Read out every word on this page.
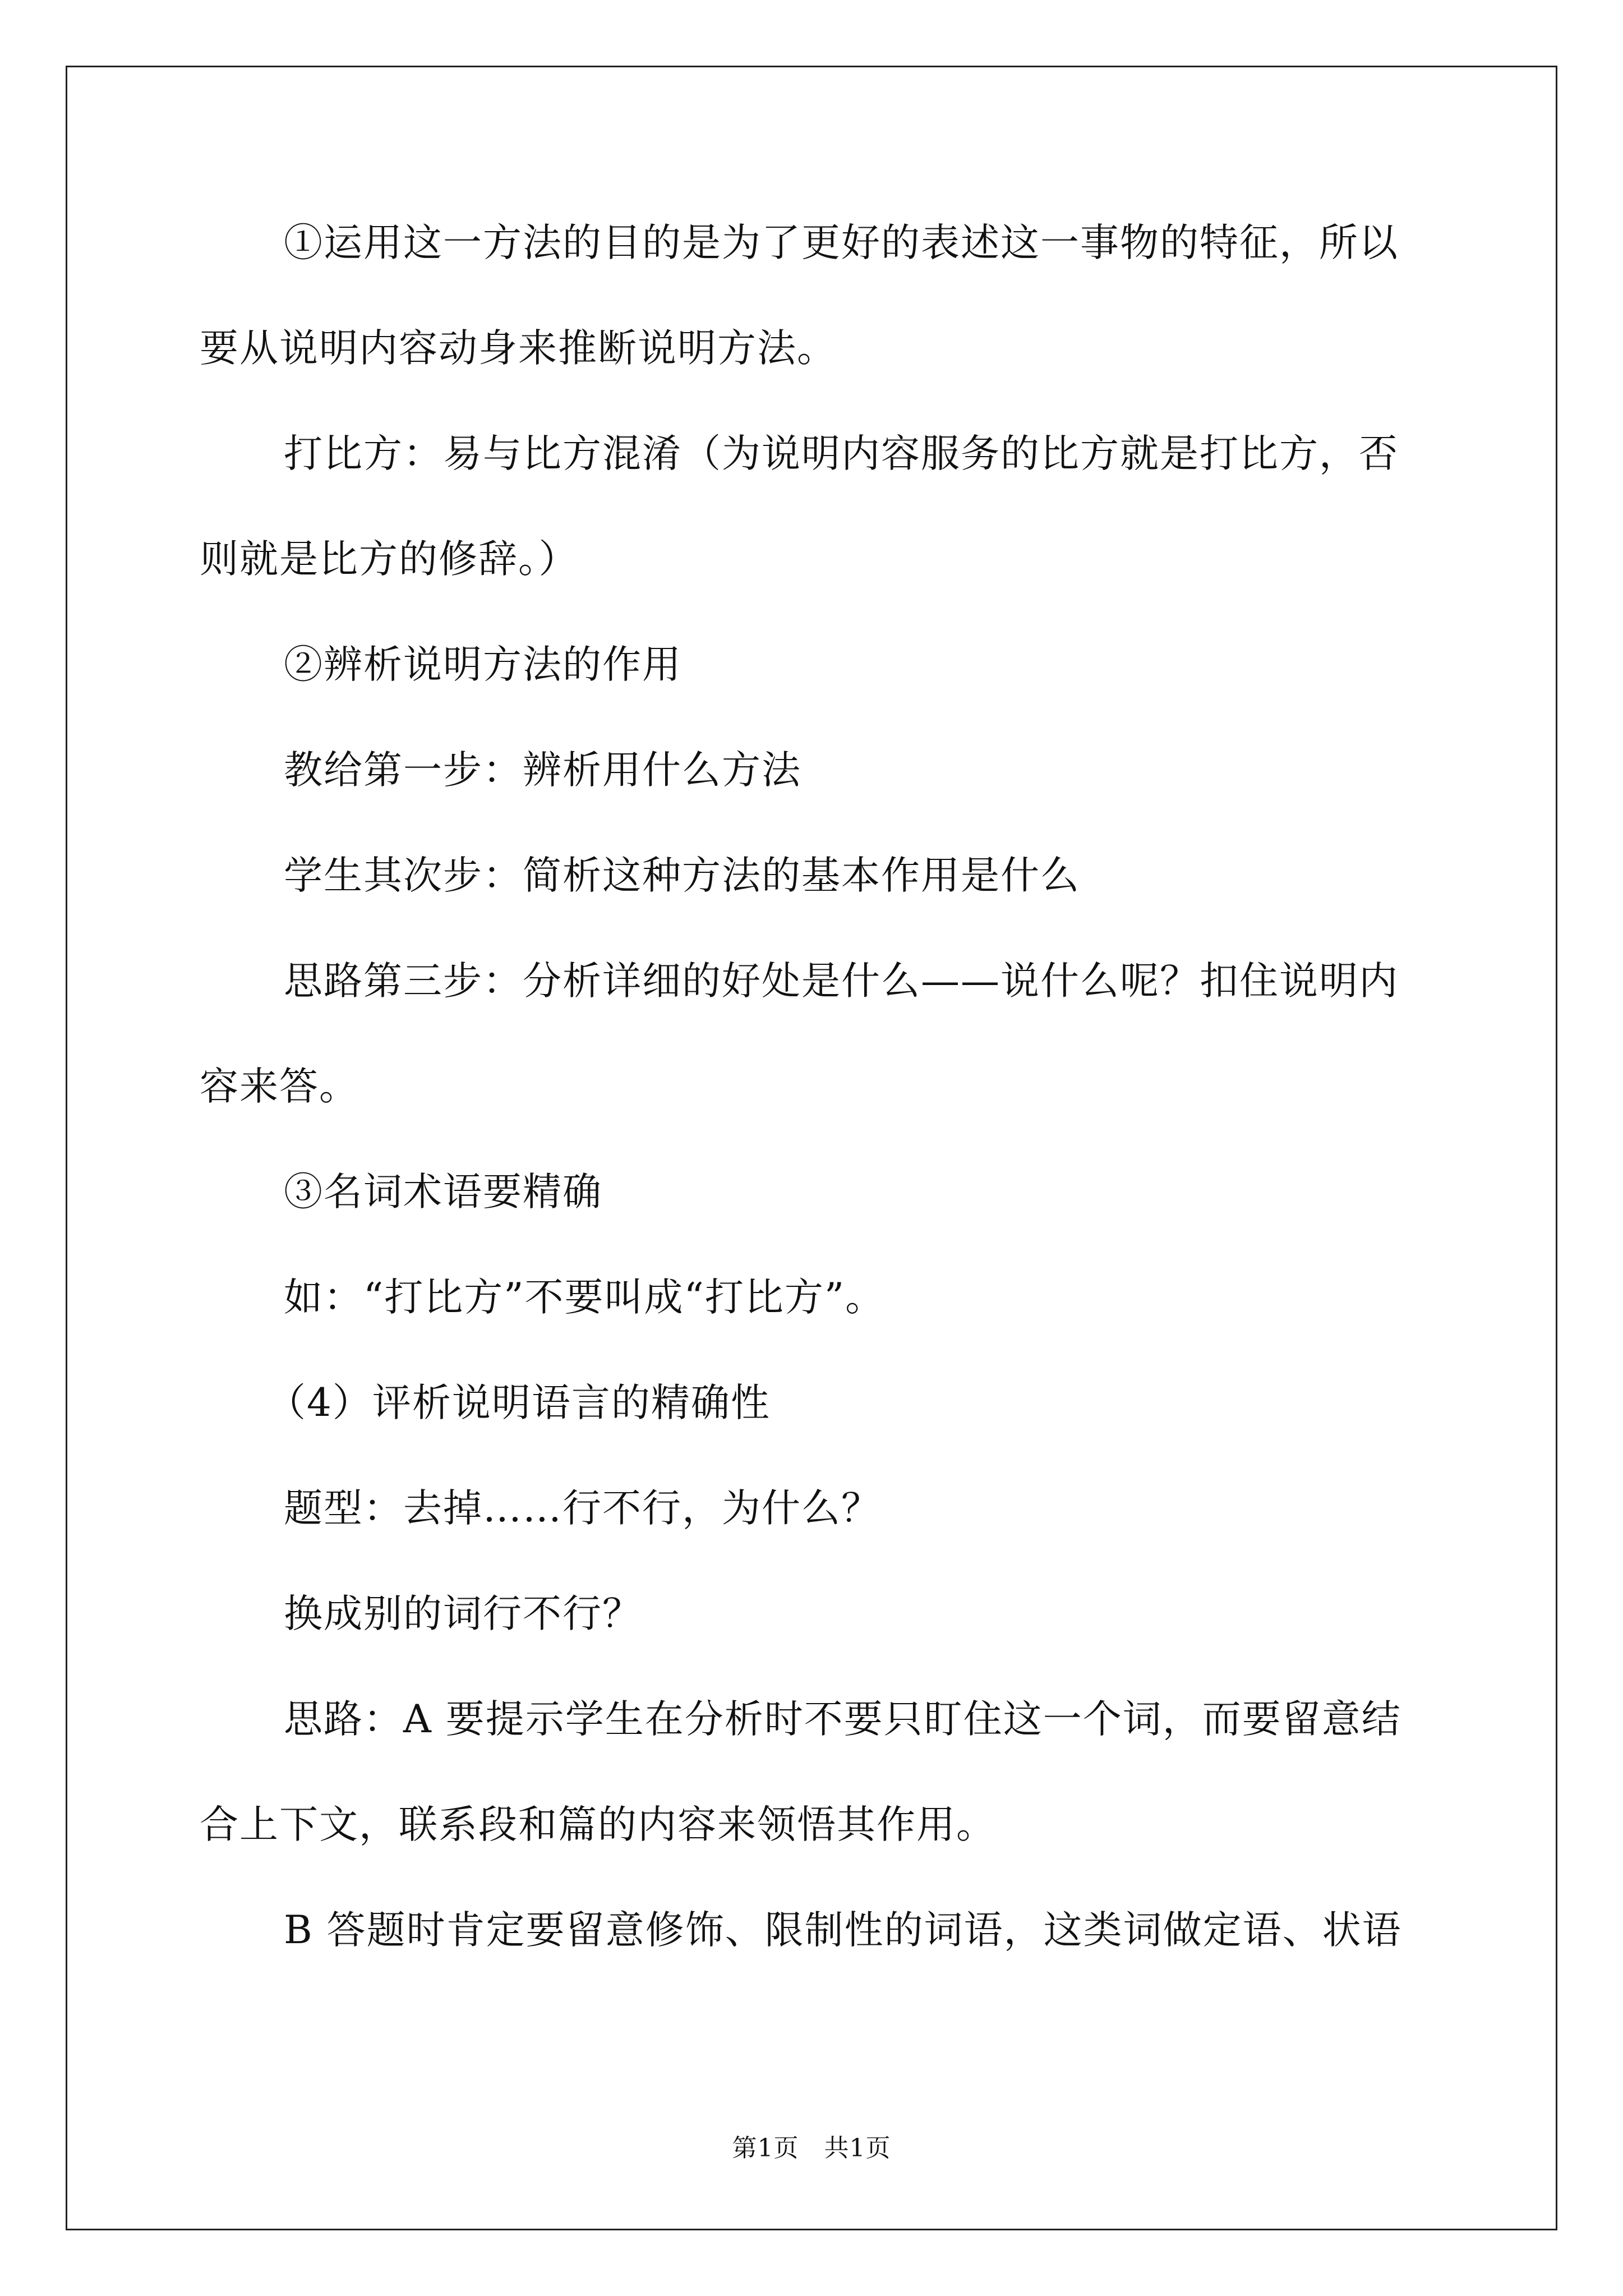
①运用这一方法的目的是为了更好的表述这一事物的特征，所以
要从说明内容动身来推断说明方法。
打比方：易与比方混淆（为说明内容服务的比方就是打比方，否
则就是比方的修辞。）
②辨析说明方法的作用
教给第一步：辨析用什么方法
学生其次步：简析这种方法的基本作用是什么
思路第三步：分析详细的好处是什么——说什么呢？扣住说明内
容来答。
③名词术语要精确
如：“打比方”不要叫成“打比方”。
（4）评析说明语言的精确性
题型：去掉……行不行，为什么？
换成别的词行不行？
思路：A 要提示学生在分析时不要只盯住这一个词，而要留意结
合上下文，联系段和篇的内容来领悟其作用。
B 答题时肯定要留意修饰、限制性的词语，这类词做定语、状语
第1页　共1页
